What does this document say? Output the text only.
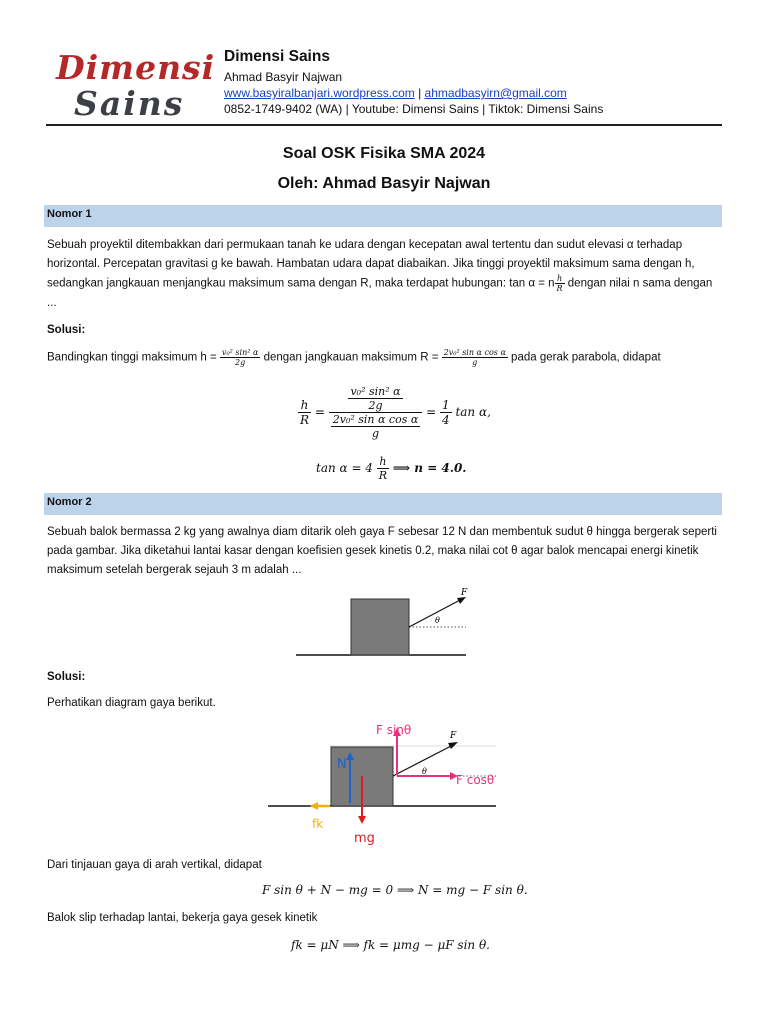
Dimensi
Sains
Dimensi Sains
Ahmad Basyir Najwan
www.basyiralbanjari.wordpress.com | ahmadbasyirn@gmail.com
0852-1749-9402 (WA) | Youtube: Dimensi Sains | Tiktok: Dimensi Sains
Soal OSK Fisika SMA 2024
Oleh: Ahmad Basyir Najwan
Nomor 1
Sebuah proyektil ditembakkan dari permukaan tanah ke udara dengan kecepatan awal tertentu dan sudut elevasi α terhadap
horizontal. Percepatan gravitasi g ke bawah. Hambatan udara dapat diabaikan. Jika tinggi proyektil maksimum sama dengan h,
sedangkan jangkauan menjangkau maksimum sama dengan R, maka terdapat hubungan: tan α = n $\frac{h}{R}$ dengan nilai n sama dengan
...
Solusi:
Bandingkan tinggi maksimum $h = \frac{\text{v₀² sin² α}}{2g}$ dengan jangkauan maksimum $R = \frac{\text{2v₀² sin α cos α}}{g}$ pada gerak parabola, didapat
$\frac{h}{R} = \frac{\frac{\text{v₀² sin² α}}{2g}}{\frac{\text{2v₀² sin α cos α}}{g}} = \frac{1}{4}$ tan α,
$\tan \alpha = 4 \frac{h}{R}$ ⟹ n = 4.0.
Nomor 2
Sebuah balok bermassa 2 kg yang awalnya diam ditarik oleh gaya F sebesar 12 N dan membentuk sudut θ hingga bergerak seperti
pada gambar. Jika diketahui lantai kasar dengan koefisien gesek kinetis 0.2, maka nilai cot θ agar balok mencapai energi kinetik
maksimum setelah bergerak sejauh 3 m adalah ...
F
θ
Solusi:
Perhatikan diagram gaya berikut.
F
θ
F sinθ
F cosθ
N
fk
mg
Dari tinjauan gaya di arah vertikal, didapat
F sin θ + N − mg = 0 ⟹ N = mg − F sin θ.
Balok slip terhadap lantai, bekerja gaya gesek kinetik
fk = μN ⟹ fk = μmg − μF sin θ.
